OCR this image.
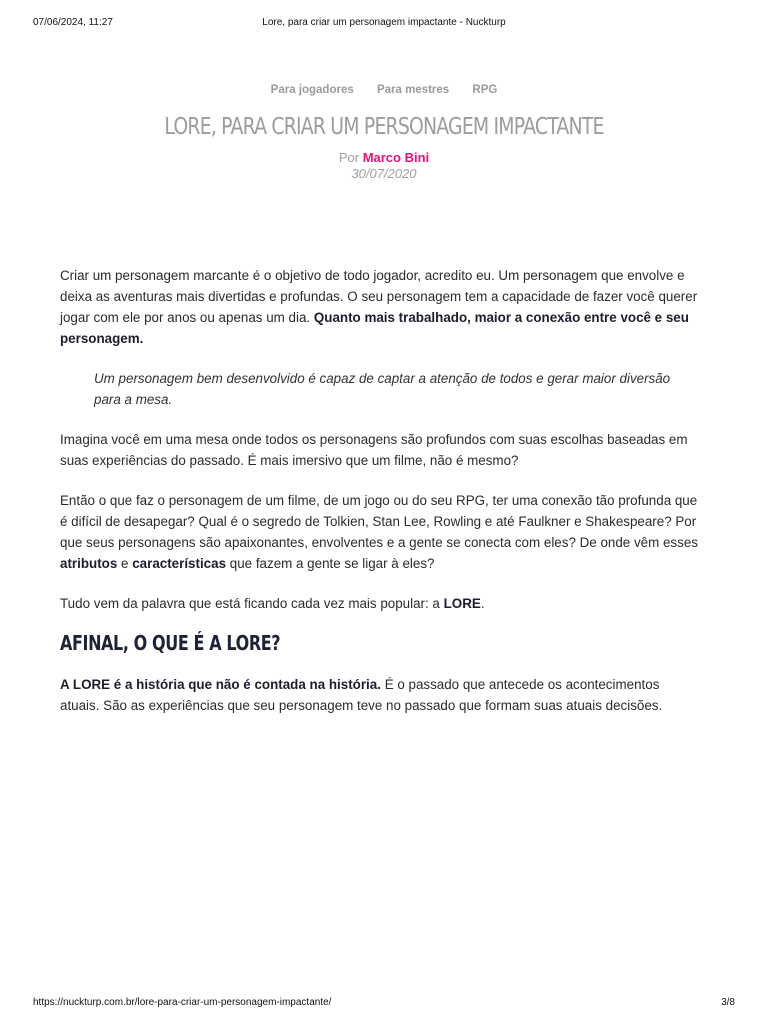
07/06/2024, 11:27	Lore, para criar um personagem impactante - Nuckturp
Para jogadores Para mestres RPG
LORE, PARA CRIAR UM PERSONAGEM IMPACTANTE
Por Marco Bini
30/07/2020

Criar um personagem marcante é o objetivo de todo jogador, acredito eu. Um personagem que envolve e deixa as aventuras mais divertidas e profundas. O seu personagem tem a capacidade de fazer você querer jogar com ele por anos ou apenas um dia. Quanto mais trabalhado, maior a conexão entre você e seu personagem.

Um personagem bem desenvolvido é capaz de captar a atenção de todos e gerar maior diversão para a mesa.

Imagina você em uma mesa onde todos os personagens são profundos com suas escolhas baseadas em suas experiências do passado. É mais imersivo que um filme, não é mesmo?

Então o que faz o personagem de um filme, de um jogo ou do seu RPG, ter uma conexão tão profunda que é difícil de desapegar? Qual é o segredo de Tolkien, Stan Lee, Rowling e até Faulkner e Shakespeare? Por que seus personagens são apaixonantes, envolventes e a gente se conecta com eles? De onde vêm esses atributos e características que fazem a gente se ligar à eles?

Tudo vem da palavra que está ficando cada vez mais popular: a LORE.

AFINAL, O QUE É A LORE?

A LORE é a história que não é contada na história. É o passado que antecede os acontecimentos atuais. São as experiências que seu personagem teve no passado que formam suas atuais decisões.

https://nuckturp.com.br/lore-para-criar-um-personagem-impactante/	3/8
